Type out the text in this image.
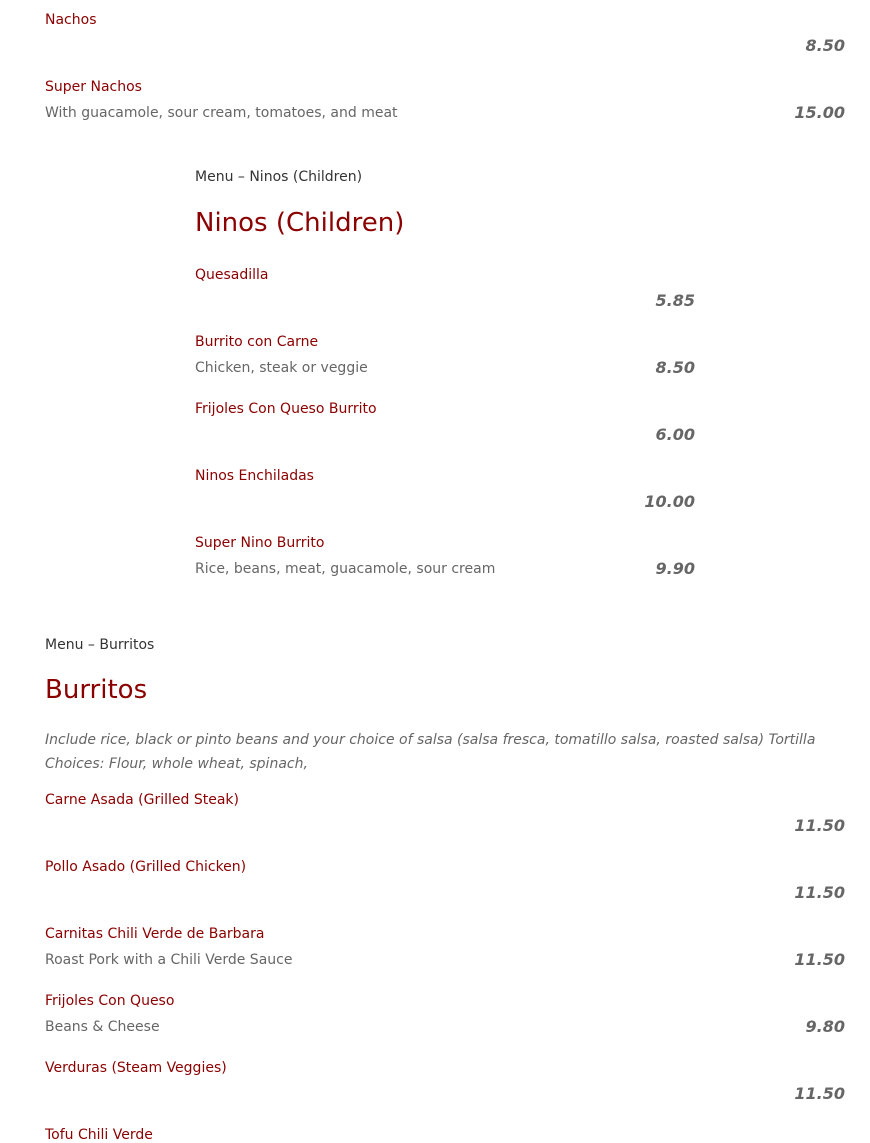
Nachos
8.50
Super Nachos
With guacamole, sour cream, tomatoes, and meat	15.00
Menu – Ninos (Children)
Ninos (Children)
Quesadilla
5.85
Burrito con Carne
Chicken, steak or veggie	8.50
Frijoles Con Queso Burrito
6.00
Ninos Enchiladas
10.00
Super Nino Burrito
Rice, beans, meat, guacamole, sour cream	9.90
Menu – Burritos
Burritos
Include rice, black or pinto beans and your choice of salsa (salsa fresca, tomatillo salsa, roasted salsa) Tortilla Choices: Flour, whole wheat, spinach,
Carne Asada (Grilled Steak)
11.50
Pollo Asado (Grilled Chicken)
11.50
Carnitas Chili Verde de Barbara
Roast Pork with a Chili Verde Sauce	11.50
Frijoles Con Queso
Beans & Cheese	9.80
Verduras (Steam Veggies)
11.50
Tofu Chili Verde
